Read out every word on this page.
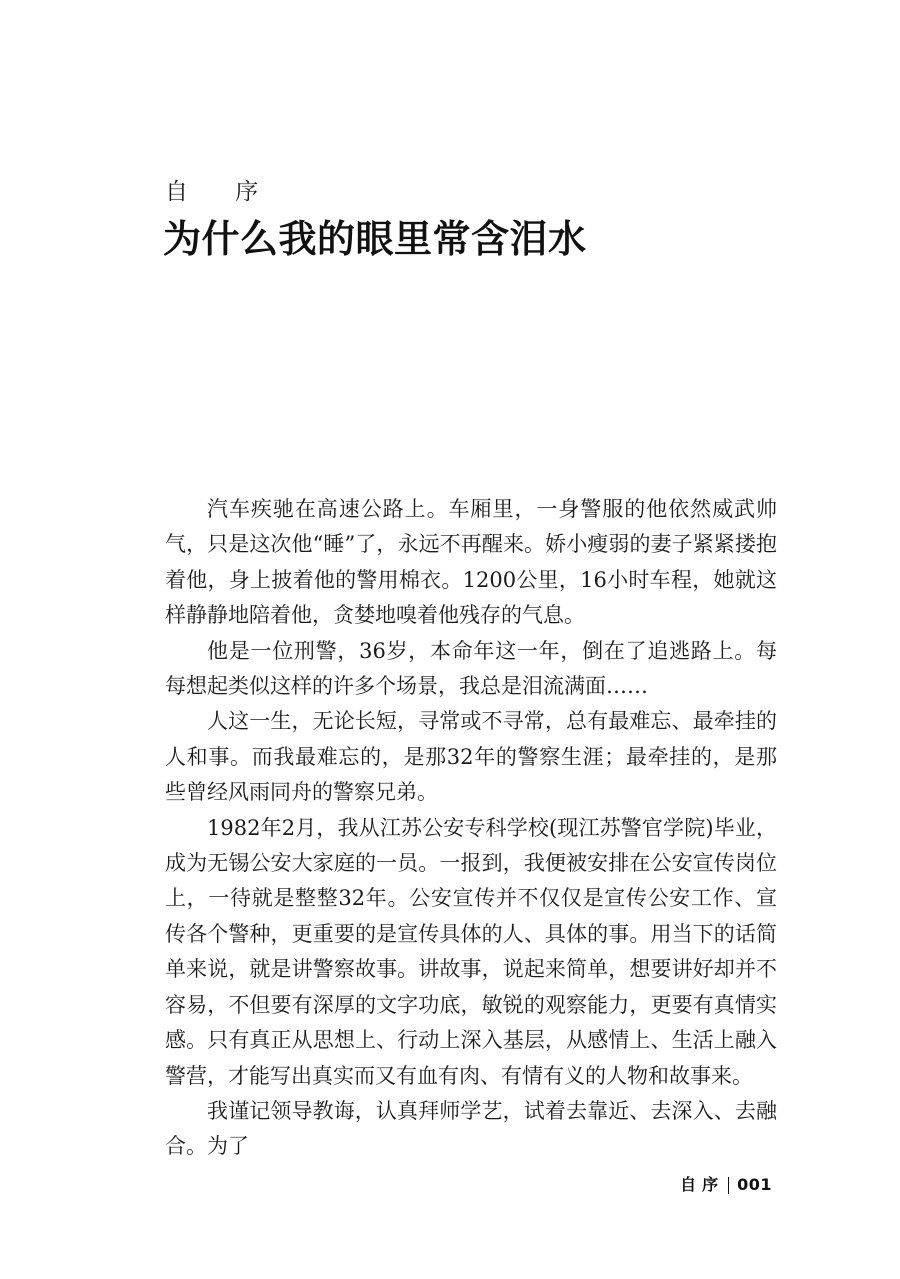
自 序
为什么我的眼里常含泪水

汽车疾驰在高速公路上。车厢里，一身警服的他依然威武帅气，只是这次他“睡”了，永远不再醒来。娇小瘦弱的妻子紧紧搂抱着他，身上披着他的警用棉衣。1200公里，16小时车程，她就这样静静地陪着他，贪婪地嗅着他残存的气息。

他是一位刑警，36岁，本命年这一年，倒在了追逃路上。每每想起类似这样的许多个场景，我总是泪流满面……

人这一生，无论长短，寻常或不寻常，总有最难忘、最牵挂的人和事。而我最难忘的，是那32年的警察生涯；最牵挂的，是那些曾经风雨同舟的警察兄弟。

1982年2月，我从江苏公安专科学校(现江苏警官学院)毕业，成为无锡公安大家庭的一员。一报到，我便被安排在公安宣传岗位上，一待就是整整32年。公安宣传并不仅仅是宣传公安工作、宣传各个警种，更重要的是宣传具体的人、具体的事。用当下的话简单来说，就是讲警察故事。讲故事，说起来简单，想要讲好却并不容易，不但要有深厚的文字功底，敏锐的观察能力，更要有真情实感。只有真正从思想上、行动上深入基层，从感情上、生活上融入警营，才能写出真实而又有血有肉、有情有义的人物和故事来。

我谨记领导教诲，认真拜师学艺，试着去靠近、去深入、去融合。为了

自序 001
